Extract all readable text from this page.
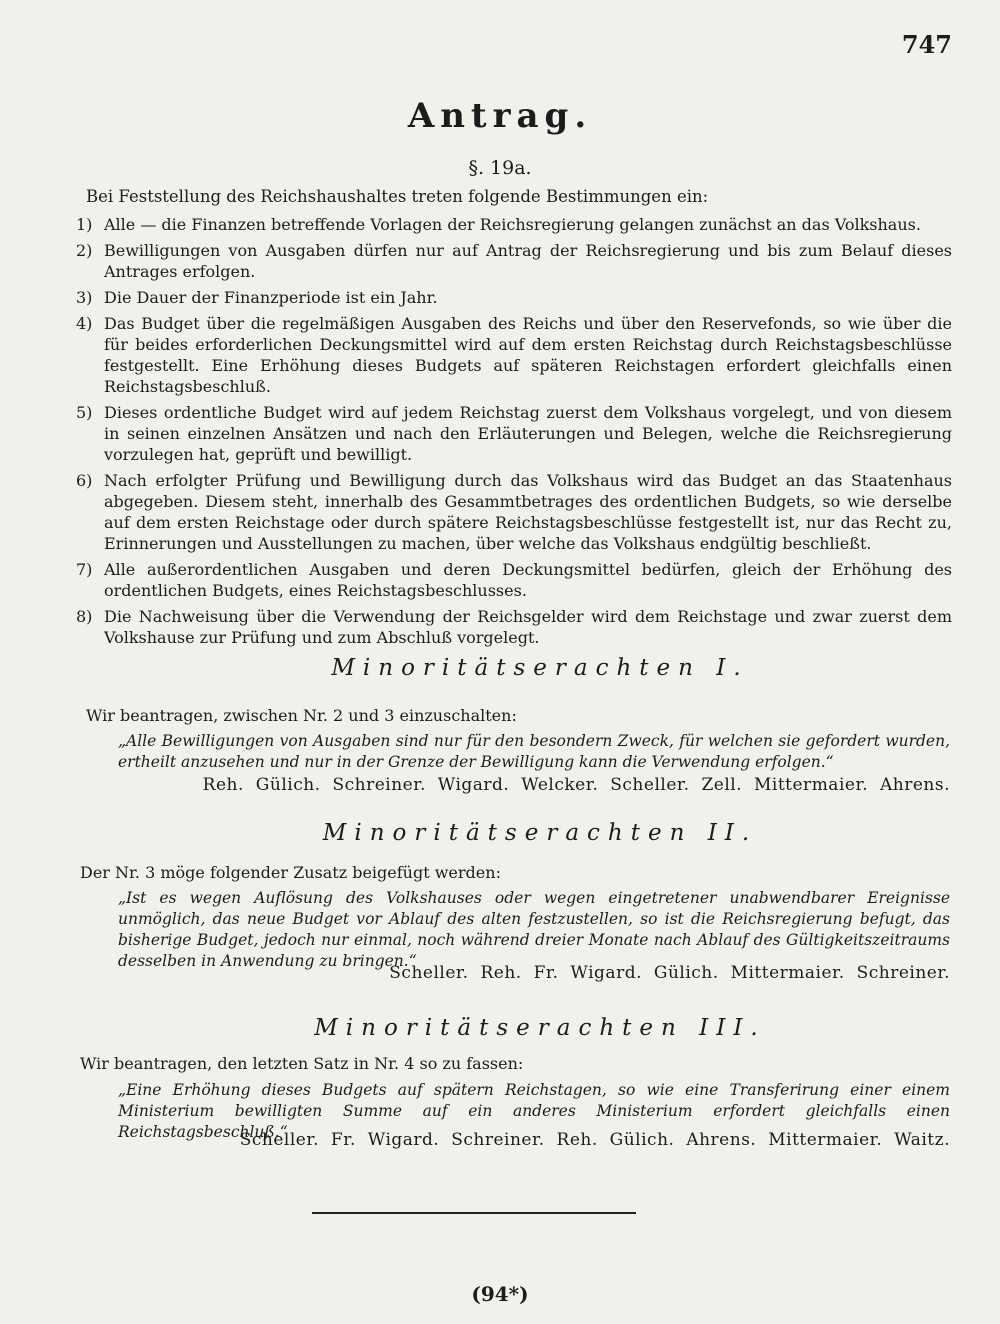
747
Antrag.
§. 19a.
Bei Feststellung des Reichshaushaltes treten folgende Bestimmungen ein:
1) Alle — die Finanzen betreffende Vorlagen der Reichsregierung gelangen zunächst an das Volkshaus.
2) Bewilligungen von Ausgaben dürfen nur auf Antrag der Reichsregierung und bis zum Belauf dieses Antrages erfolgen.
3) Die Dauer der Finanzperiode ist ein Jahr.
4) Das Budget über die regelmäßigen Ausgaben des Reichs und über den Reservefonds, so wie über die für beides erforderlichen Deckungsmittel wird auf dem ersten Reichstag durch Reichstagsbeschlüsse festgestellt. Eine Erhöhung dieses Budgets auf späteren Reichstagen erfordert gleichfalls einen Reichstagsbeschluß.
5) Dieses ordentliche Budget wird auf jedem Reichstag zuerst dem Volkshaus vorgelegt, und von diesem in seinen einzelnen Ansätzen und nach den Erläuterungen und Belegen, welche die Reichsregierung vorzulegen hat, geprüft und bewilligt.
6) Nach erfolgter Prüfung und Bewilligung durch das Volkshaus wird das Budget an das Staatenhaus abgegeben. Diesem steht, innerhalb des Gesammtbetrages des ordentlichen Budgets, so wie derselbe auf dem ersten Reichstage oder durch spätere Reichstagsbeschlüsse festgestellt ist, nur das Recht zu, Erinnerungen und Ausstellungen zu machen, über welche das Volkshaus endgültig beschließt.
7) Alle außerordentlichen Ausgaben und deren Deckungsmittel bedürfen, gleich der Erhöhung des ordentlichen Budgets, eines Reichstagsbeschlusses.
8) Die Nachweisung über die Verwendung der Reichsgelder wird dem Reichstage und zwar zuerst dem Volkshause zur Prüfung und zum Abschluß vorgelegt.
Minoritätserachten I.
Wir beantragen, zwischen Nr. 2 und 3 einzuschalten:
„Alle Bewilligungen von Ausgaben sind nur für den besondern Zweck, für welchen sie gefordert wurden, ertheilt anzusehen und nur in der Grenze der Bewilligung kann die Verwendung erfolgen.“
Reh. Gülich. Schreiner. Wigard. Welcker. Scheller. Zell. Mittermaier. Ahrens.
Minoritätserachten II.
Der Nr. 3 möge folgender Zusatz beigefügt werden:
„Ist es wegen Auflösung des Volkshauses oder wegen eingetretener unabwendbarer Ereignisse unmöglich, das neue Budget vor Ablauf des alten festzustellen, so ist die Reichsregierung befugt, das bisherige Budget, jedoch nur einmal, noch während dreier Monate nach Ablauf des Gültigkeitszeitraums desselben in Anwendung zu bringen.“
Scheller. Reh. Fr. Wigard. Gülich. Mittermaier. Schreiner.
Minoritätserachten III.
Wir beantragen, den letzten Satz in Nr. 4 so zu fassen:
„Eine Erhöhung dieses Budgets auf spätern Reichstagen, so wie eine Transferirung einer einem Ministerium bewilligten Summe auf ein anderes Ministerium erfordert gleichfalls einen Reichstagsbeschluß.“
Scheller. Fr. Wigard. Schreiner. Reh. Gülich. Ahrens. Mittermaier. Waitz.
(94*)
